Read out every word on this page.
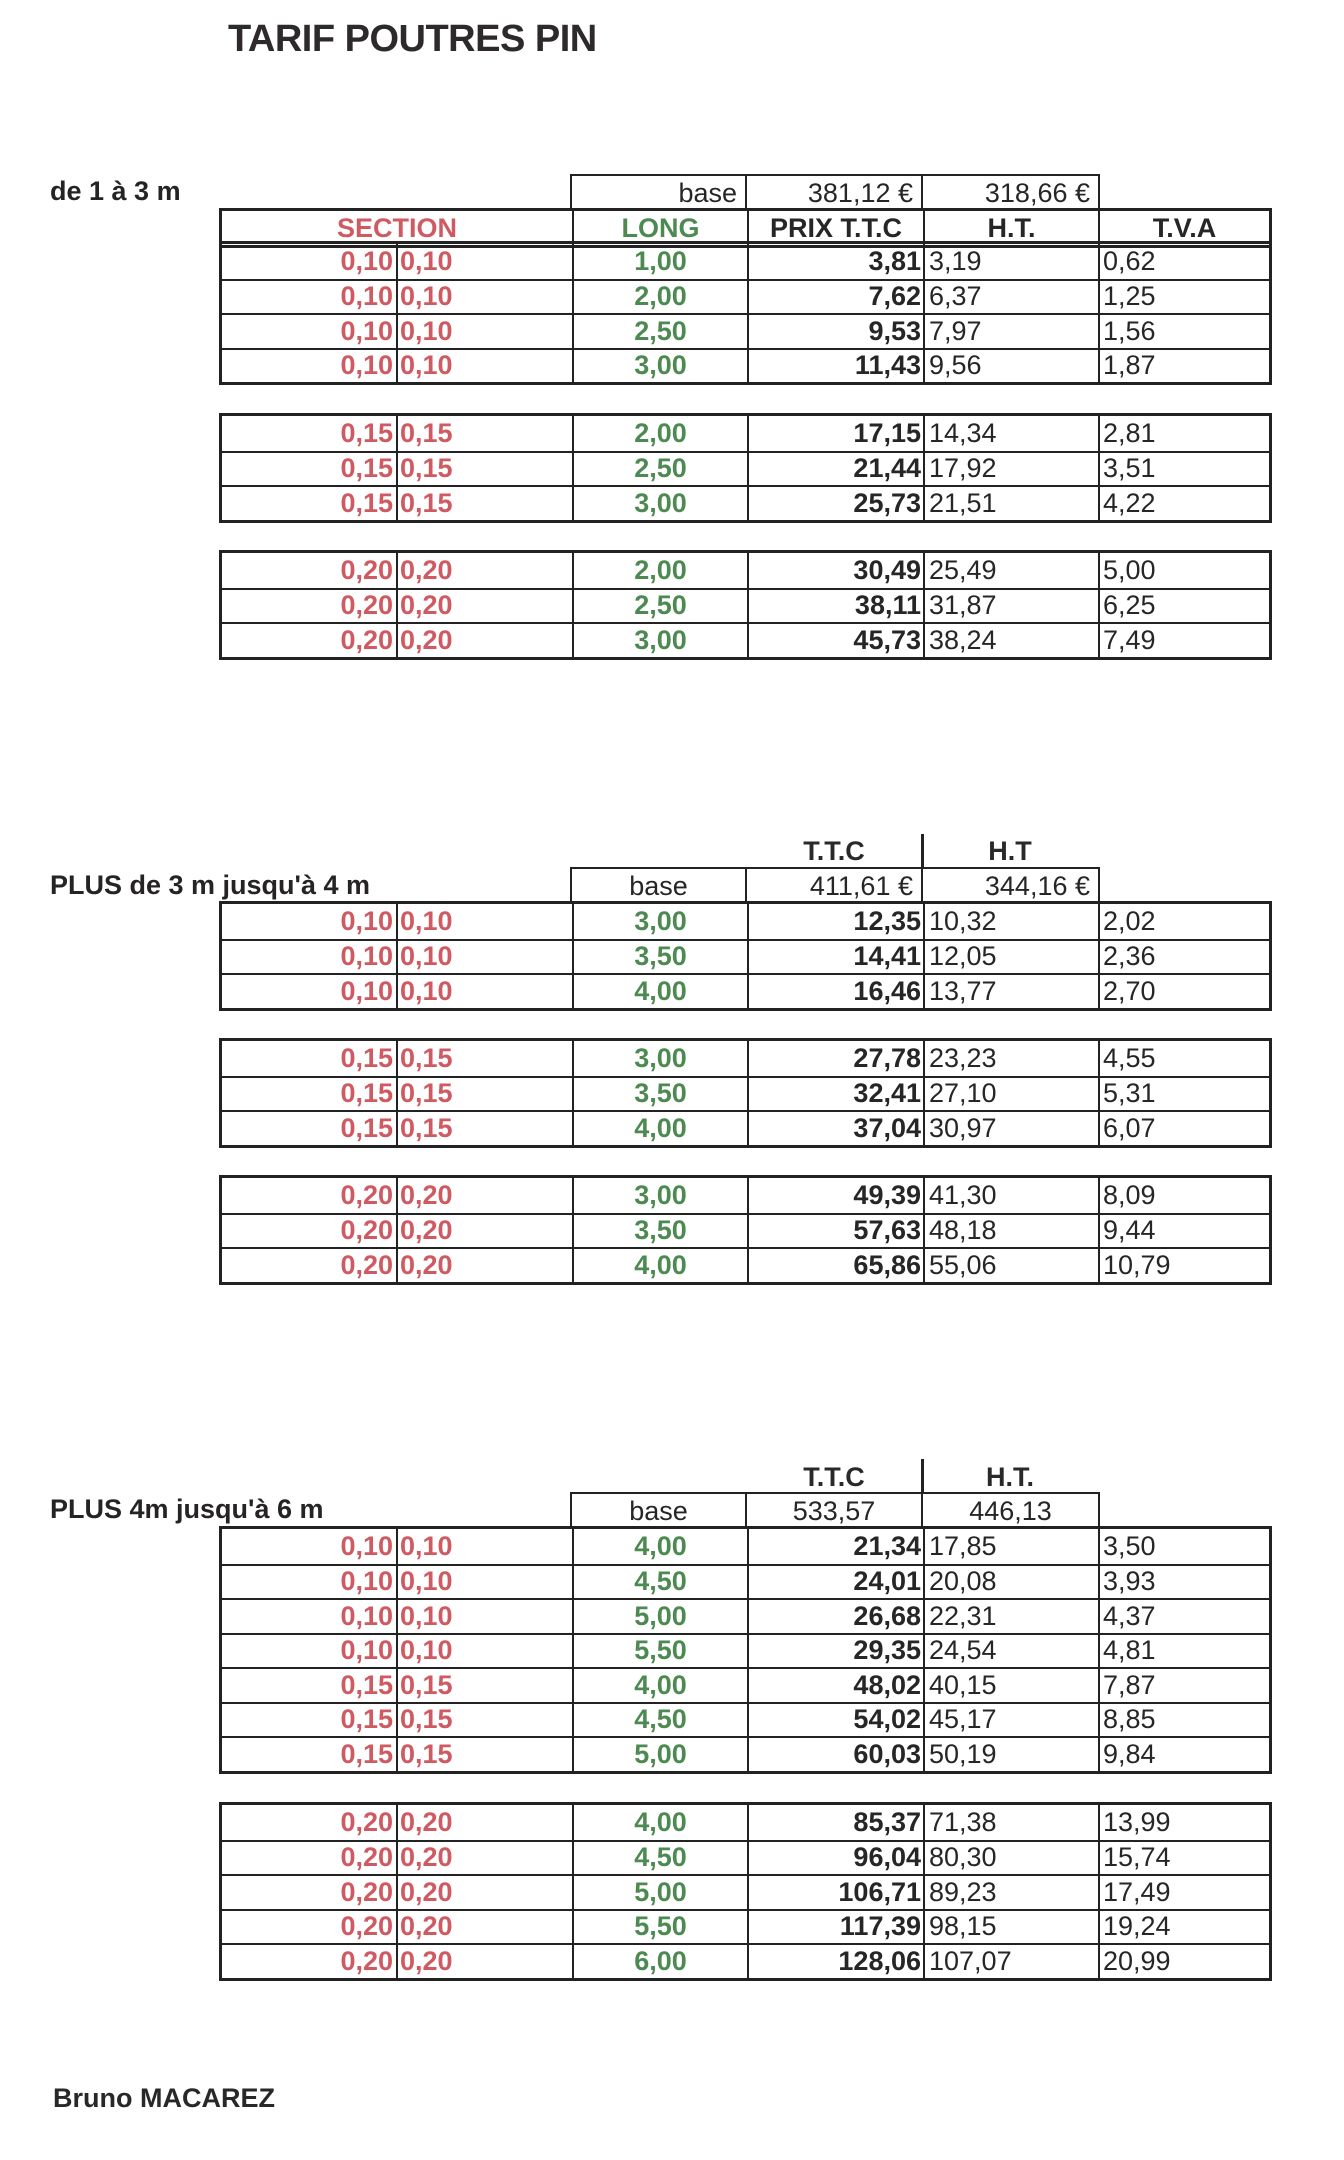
TARIF POUTRES PIN
de 1 à 3 m	base	381,12 €	318,66 €
SECTION	LONG	PRIX T.T.C	H.T.	T.V.A
0,10 0,10	1,00	3,81 3,19	0,62
0,10 0,10	2,00	7,62 6,37	1,25
0,10 0,10	2,50	9,53 7,97	1,56
0,10 0,10	3,00	11,43 9,56	1,87
0,15 0,15	2,00	17,15 14,34	2,81
0,15 0,15	2,50	21,44 17,92	3,51
0,15 0,15	3,00	25,73 21,51	4,22
0,20 0,20	2,00	30,49 25,49	5,00
0,20 0,20	2,50	38,11 31,87	6,25
0,20 0,20	3,00	45,73 38,24	7,49
T.T.C	H.T
PLUS de 3 m jusqu'à 4 m	base	411,61 €	344,16 €
0,10 0,10	3,00	12,35 10,32	2,02
0,10 0,10	3,50	14,41 12,05	2,36
0,10 0,10	4,00	16,46 13,77	2,70
0,15 0,15	3,00	27,78 23,23	4,55
0,15 0,15	3,50	32,41 27,10	5,31
0,15 0,15	4,00	37,04 30,97	6,07
0,20 0,20	3,00	49,39 41,30	8,09
0,20 0,20	3,50	57,63 48,18	9,44
0,20 0,20	4,00	65,86 55,06	10,79
T.T.C	H.T.
PLUS 4m jusqu'à 6 m	base	533,57	446,13
0,10 0,10	4,00	21,34 17,85	3,50
0,10 0,10	4,50	24,01 20,08	3,93
0,10 0,10	5,00	26,68 22,31	4,37
0,10 0,10	5,50	29,35 24,54	4,81
0,15 0,15	4,00	48,02 40,15	7,87
0,15 0,15	4,50	54,02 45,17	8,85
0,15 0,15	5,00	60,03 50,19	9,84
0,20 0,20	4,00	85,37 71,38	13,99
0,20 0,20	4,50	96,04 80,30	15,74
0,20 0,20	5,00	106,71 89,23	17,49
0,20 0,20	5,50	117,39 98,15	19,24
0,20 0,20	6,00	128,06 107,07	20,99
Bruno MACAREZ
